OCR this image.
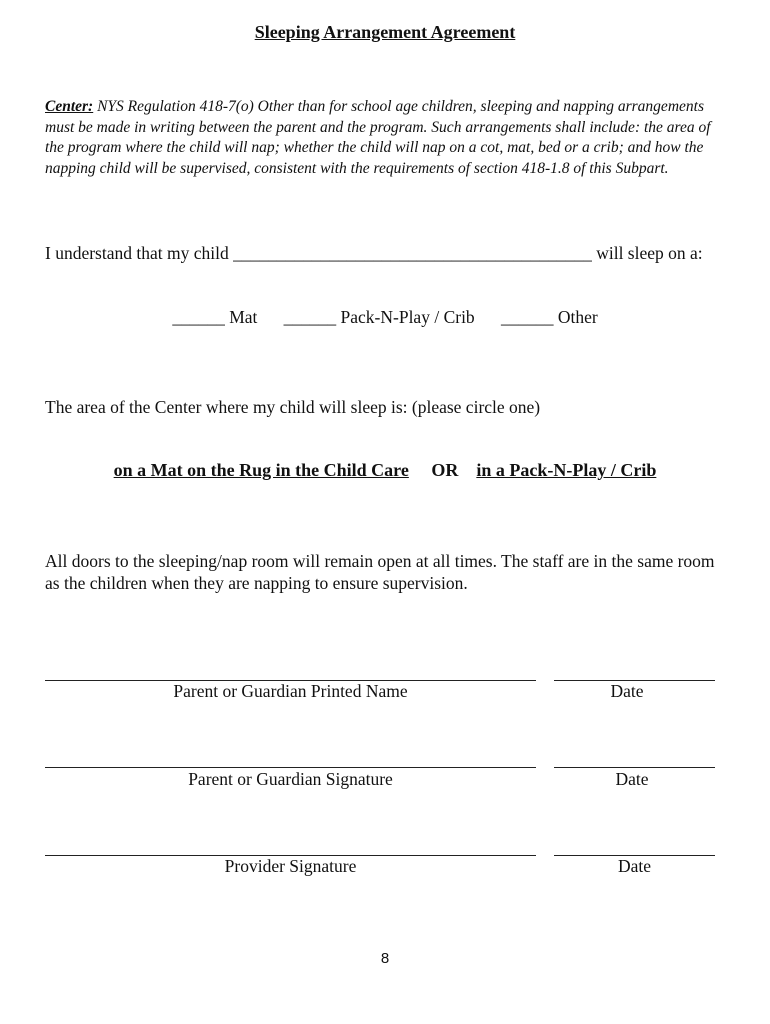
Sleeping Arrangement Agreement
Center: NYS Regulation 418-7(o) Other than for school age children, sleeping and napping arrangements must be made in writing between the parent and the program. Such arrangements shall include: the area of the program where the child will nap; whether the child will nap on a cot, mat, bed or a crib; and how the napping child will be supervised, consistent with the requirements of section 418-1.8 of this Subpart.
I understand that my child _________________________________________ will sleep on a:
______ Mat ______ Pack-N-Play / Crib ______ Other
The area of the Center where my child will sleep is: (please circle one)
on a Mat on the Rug in the Child Care OR in a Pack-N-Play / Crib
All doors to the sleeping/nap room will remain open at all times. The staff are in the same room as the children when they are napping to ensure supervision.
Parent or Guardian Printed Name	Date
Parent or Guardian Signature	Date
Provider Signature	Date
8
